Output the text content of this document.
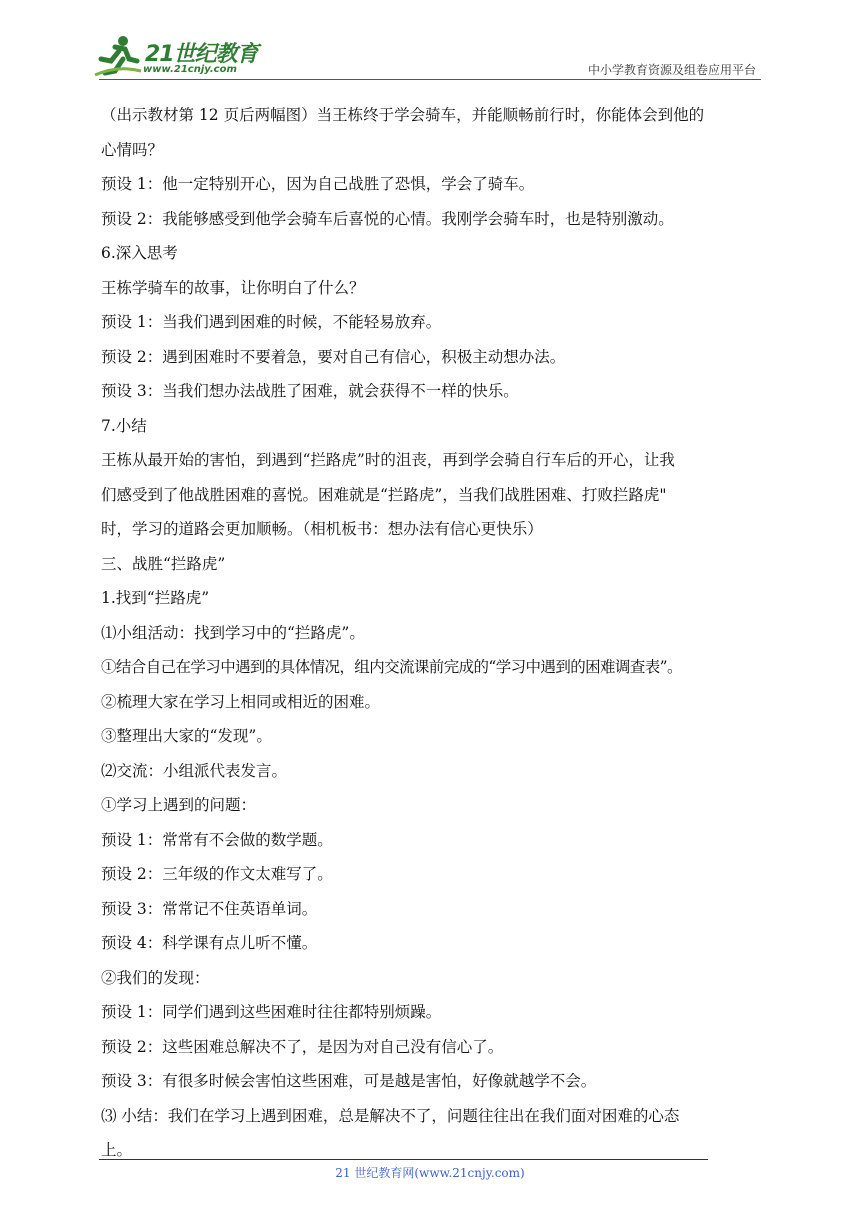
21世纪教育
www.21cnjy.com	中小学教育资源及组卷应用平台
（出示教材第 12 页后两幅图）当王栋终于学会骑车，并能顺畅前行时，你能体会到他的
心情吗？
预设 1：他一定特别开心，因为自己战胜了恐惧，学会了骑车。
预设 2：我能够感受到他学会骑车后喜悦的心情。我刚学会骑车时，也是特别激动。
6.深入思考
王栋学骑车的故事，让你明白了什么？
预设 1：当我们遇到困难的时候，不能轻易放弃。
预设 2：遇到困难时不要着急，要对自己有信心，积极主动想办法。
预设 3：当我们想办法战胜了困难，就会获得不一样的快乐。
7.小结
王栋从最开始的害怕，到遇到“拦路虎”时的沮丧，再到学会骑自行车后的开心，让我
们感受到了他战胜困难的喜悦。困难就是“拦路虎”，当我们战胜困难、打败拦路虎"
时，学习的道路会更加顺畅。（相机板书：想办法有信心更快乐）
三、战胜“拦路虎”
1.找到“拦路虎”
⑴小组活动：找到学习中的“拦路虎”。
①结合自己在学习中遇到的具体情况，组内交流课前完成的“学习中遇到的困难调查表”。
②梳理大家在学习上相同或相近的困难。
③整理出大家的“发现”。
⑵交流：小组派代表发言。
①学习上遇到的问题：
预设 1：常常有不会做的数学题。
预设 2：三年级的作文太难写了。
预设 3：常常记不住英语单词。
预设 4：科学课有点儿听不懂。
②我们的发现：
预设 1：同学们遇到这些困难时往往都特别烦躁。
预设 2：这些困难总解决不了，是因为对自己没有信心了。
预设 3：有很多时候会害怕这些困难，可是越是害怕，好像就越学不会。
⑶ 小结：我们在学习上遇到困难，总是解决不了，问题往往出在我们面对困难的心态
上。
21 世纪教育网(www.21cnjy.com)
